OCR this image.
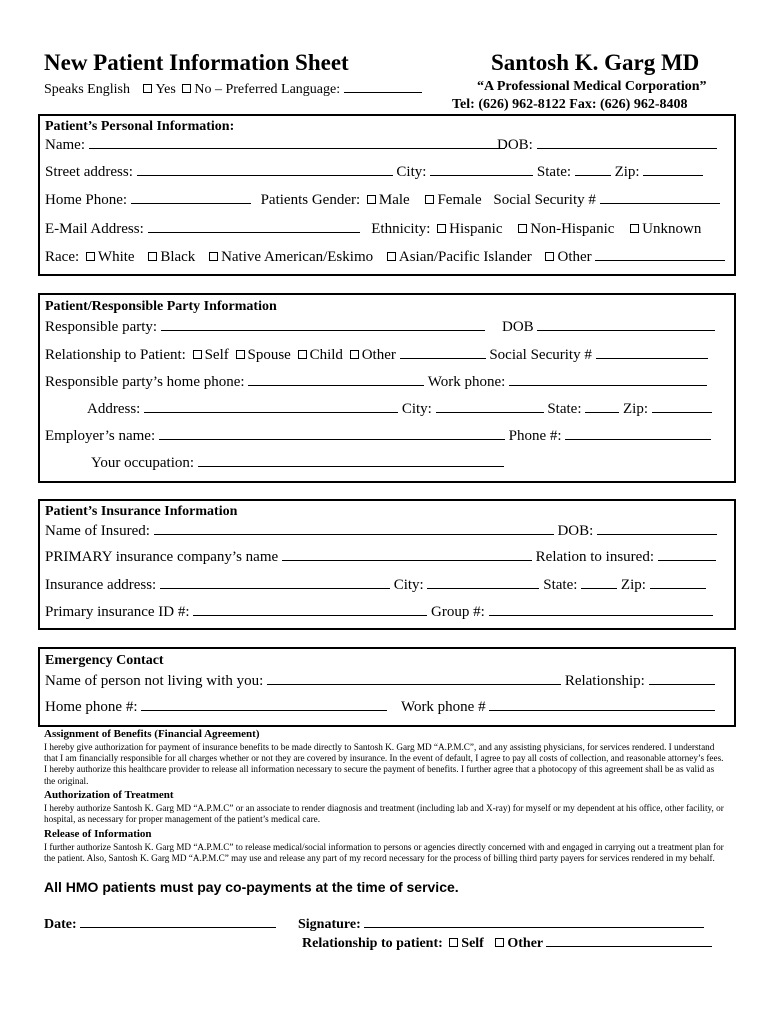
New Patient Information Sheet	Santosh K. Garg MD
Speaks English Yes No – Preferred Language:	“A Professional Medical Corporation”
Tel: (626) 962-8122 Fax: (626) 962-8408
Patient’s Personal Information:
Name:	DOB:
Street address:	City:	State:	Zip:
Home Phone:	Patients Gender: Male Female Social Security #
E-Mail Address:	Ethnicity: Hispanic Non-Hispanic Unknown
Race: White Black Native American/Eskimo Asian/Pacific Islander Other
Patient/Responsible Party Information
Responsible party:	DOB
Relationship to Patient: Self Spouse Child Other	Social Security #
Responsible party’s home phone:	Work phone:
Address:	City:	State:	Zip:
Employer’s name:	Phone #:
Your occupation:
Patient’s Insurance Information
Name of Insured:	DOB:
PRIMARY insurance company’s name	Relation to insured:
Insurance address:	City:	State:	Zip:
Primary insurance ID #:	Group #:
Emergency Contact
Name of person not living with you:	Relationship:
Home phone #:	Work phone #
Assignment of Benefits (Financial Agreement)
I hereby give authorization for payment of insurance benefits to be made directly to Santosh K. Garg MD “A.P.M.C”, and any assisting physicians, for services rendered. I understand that I am financially responsible for all charges whether or not they are covered by insurance. In the event of default, I agree to pay all costs of collection, and reasonable attorney’s fees. I hereby authorize this healthcare provider to release all information necessary to secure the payment of benefits. I further agree that a photocopy of this agreement shall be as valid as the original.
Authorization of Treatment
I hereby authorize Santosh K. Garg MD “A.P.M.C” or an associate to render diagnosis and treatment (including lab and X-ray) for myself or my dependent at his office, other facility, or hospital, as necessary for proper management of the patient’s medical care.
Release of Information
I further authorize Santosh K. Garg MD “A.P.M.C” to release medical/social information to persons or agencies directly concerned with and engaged in carrying out a treatment plan for the patient. Also, Santosh K. Garg MD “A.P.M.C” may use and release any part of my record necessary for the process of billing third party payers for services rendered in my behalf.
All HMO patients must pay co-payments at the time of service.
Date:	Signature:
Relationship to patient: Self Other
